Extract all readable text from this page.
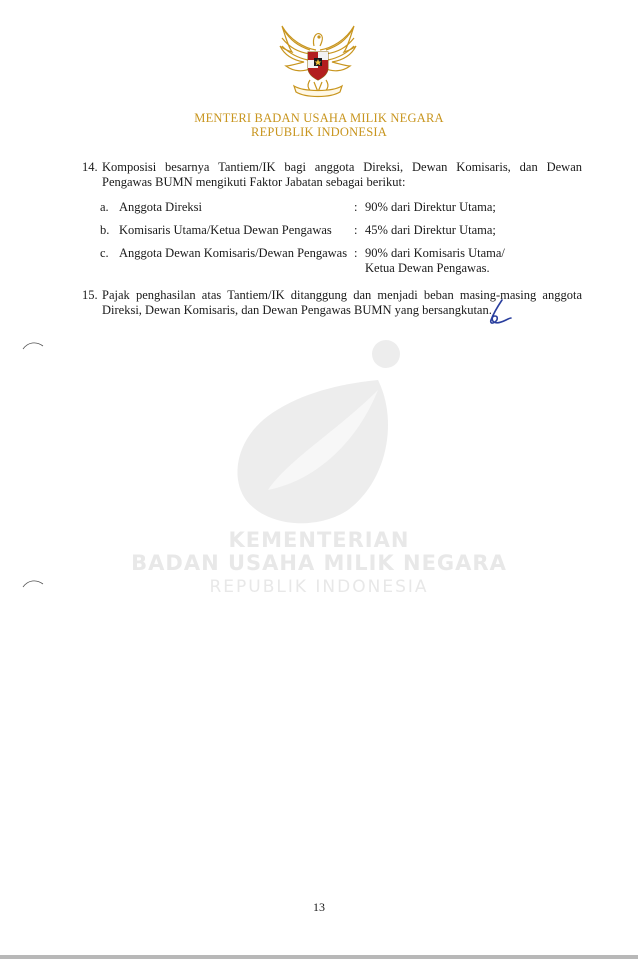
MENTERI BADAN USAHA MILIK NEGARA
REPUBLIK INDONESIA
KEMENTERIAN
BADAN USAHA MILIK NEGARA
REPUBLIK INDONESIA
14. Komposisi besarnya Tantiem/IK bagi anggota Direksi, Dewan Komisaris, dan Dewan
Pengawas BUMN mengikuti Faktor Jabatan sebagai berikut:
a. Anggota Direksi	: 90% dari Direktur Utama;
b. Komisaris Utama/Ketua Dewan Pengawas : 45% dari Direktur Utama;
c. Anggota Dewan Komisaris/Dewan Pengawas : 90% dari Komisaris Utama/
Ketua Dewan Pengawas.
15. Pajak penghasilan atas Tantiem/IK ditanggung dan menjadi beban masing-masing anggota
Direksi, Dewan Komisaris, dan Dewan Pengawas BUMN yang bersangkutan.
13
